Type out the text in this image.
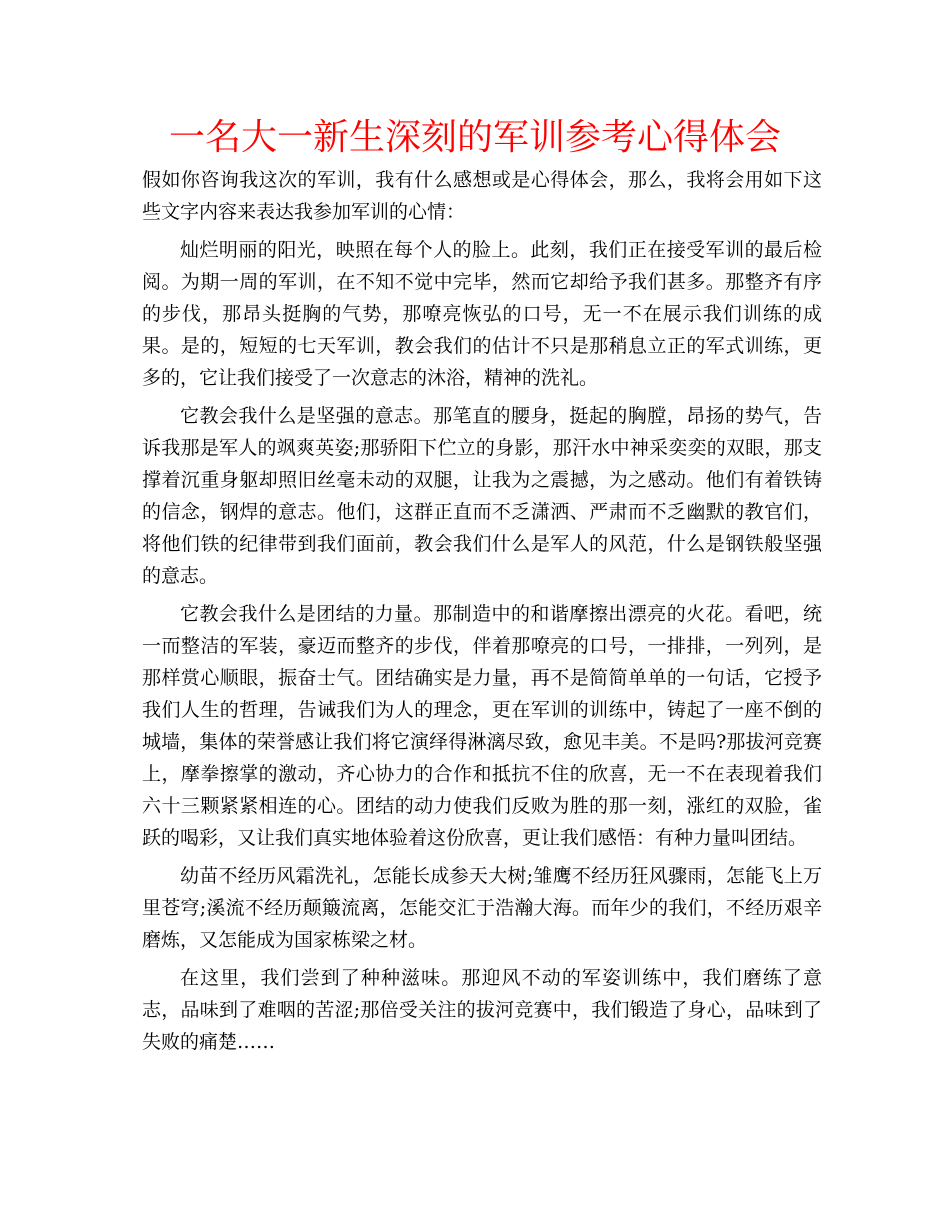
一名大一新生深刻的军训参考心得体会

假如你咨询我这次的军训，我有什么感想或是心得体会，那么，我将会用如下这些文字内容来表达我参加军训的心情：

灿烂明丽的阳光，映照在每个人的脸上。此刻，我们正在接受军训的最后检阅。为期一周的军训，在不知不觉中完毕，然而它却给予我们甚多。那整齐有序的步伐，那昂头挺胸的气势，那嘹亮恢弘的口号，无一不在展示我们训练的成果。是的，短短的七天军训，教会我们的估计不只是那稍息立正的军式训练，更多的，它让我们接受了一次意志的沐浴，精神的洗礼。

它教会我什么是坚强的意志。那笔直的腰身，挺起的胸膛，昂扬的势气，告诉我那是军人的飒爽英姿;那骄阳下伫立的身影，那汗水中神采奕奕的双眼，那支撑着沉重身躯却照旧丝毫未动的双腿，让我为之震撼，为之感动。他们有着铁铸的信念，钢焊的意志。他们，这群正直而不乏潇洒、严肃而不乏幽默的教官们，将他们铁的纪律带到我们面前，教会我们什么是军人的风范，什么是钢铁般坚强的意志。

它教会我什么是团结的力量。那制造中的和谐摩擦出漂亮的火花。看吧，统一而整洁的军装，豪迈而整齐的步伐，伴着那嘹亮的口号，一排排，一列列，是那样赏心顺眼，振奋士气。团结确实是力量，再不是简简单单的一句话，它授予我们人生的哲理，告诫我们为人的理念，更在军训的训练中，铸起了一座不倒的城墙，集体的荣誉感让我们将它演绎得淋漓尽致，愈见丰美。不是吗?那拔河竞赛上，摩拳擦掌的激动，齐心协力的合作和抵抗不住的欣喜，无一不在表现着我们六十三颗紧紧相连的心。团结的动力使我们反败为胜的那一刻，涨红的双脸，雀跃的喝彩，又让我们真实地体验着这份欣喜，更让我们感悟：有种力量叫团结。

幼苗不经历风霜洗礼，怎能长成参天大树;雏鹰不经历狂风骤雨，怎能飞上万里苍穹;溪流不经历颠簸流离，怎能交汇于浩瀚大海。而年少的我们，不经历艰辛磨炼，又怎能成为国家栋梁之材。

在这里，我们尝到了种种滋味。那迎风不动的军姿训练中，我们磨练了意志，品味到了难咽的苦涩;那倍受关注的拔河竞赛中，我们锻造了身心，品味到了失败的痛楚……
